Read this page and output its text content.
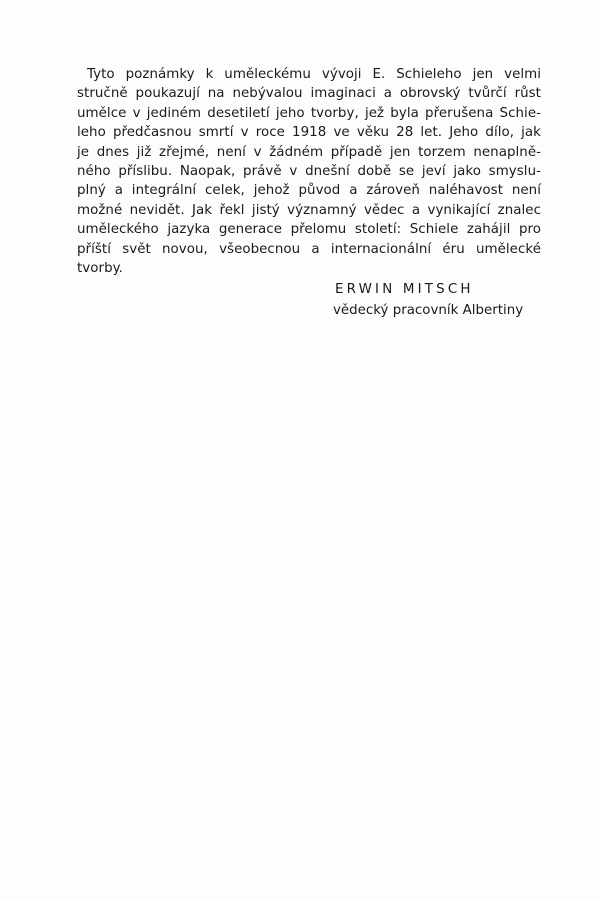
Tyto poznámky k uměleckému vývoji E. Schieleho jen velmi
stručně poukazují na nebývalou imaginaci a obrovský tvůrčí růst
umělce v jediném desetiletí jeho tvorby, jež byla přerušena Schie-
leho předčasnou smrtí v roce 1918 ve věku 28 let. Jeho dílo, jak
je dnes již zřejmé, není v žádném případě jen torzem nenaplně-
ného příslibu. Naopak, právě v dnešní době se jeví jako smyslu-
plný a integrální celek, jehož původ a zároveň naléhavost není
možné nevidět. Jak řekl jistý významný vědec a vynikající znalec
uměleckého jazyka generace přelomu století: Schiele zahájil pro
příští svět novou, všeobecnou a internacionální éru umělecké
tvorby.
ERWIN MITSCH
vědecký pracovník Albertiny
